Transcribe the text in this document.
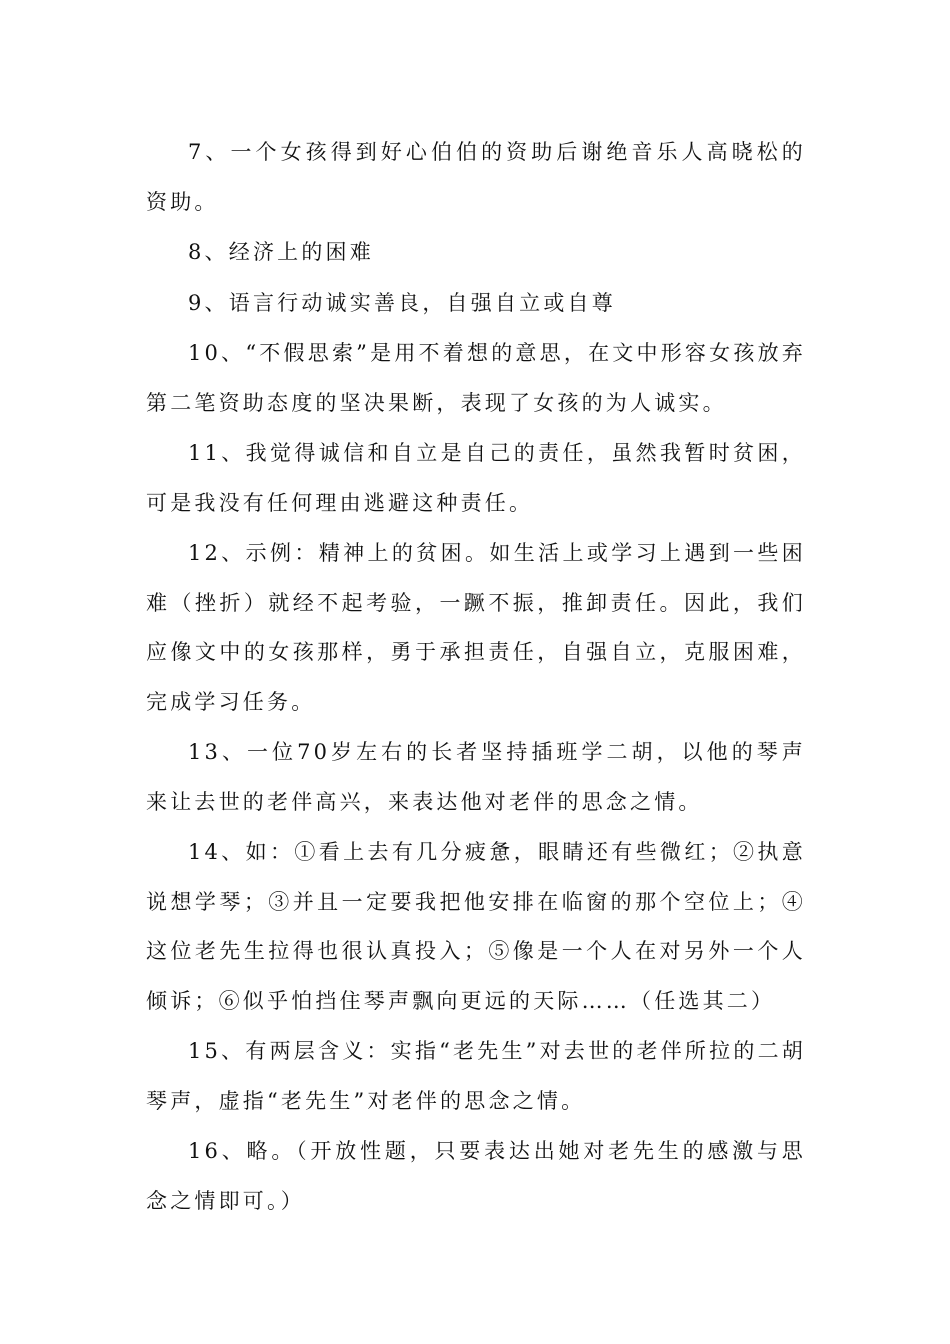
7、一个女孩得到好心伯伯的资助后谢绝音乐人高晓松的资助。

8、经济上的困难

9、语言行动诚实善良，自强自立或自尊

10、“不假思索”是用不着想的意思，在文中形容女孩放弃第二笔资助态度的坚决果断，表现了女孩的为人诚实。

11、我觉得诚信和自立是自己的责任，虽然我暂时贫困，可是我没有任何理由逃避这种责任。

12、示例：精神上的贫困。如生活上或学习上遇到一些困难（挫折）就经不起考验，一蹶不振，推卸责任。因此，我们应像文中的女孩那样，勇于承担责任，自强自立，克服困难，完成学习任务。

13、一位70岁左右的长者坚持插班学二胡，以他的琴声来让去世的老伴高兴，来表达他对老伴的思念之情。

14、如：①看上去有几分疲惫，眼睛还有些微红；②执意说想学琴；③并且一定要我把他安排在临窗的那个空位上；④这位老先生拉得也很认真投入；⑤像是一个人在对另外一个人倾诉；⑥似乎怕挡住琴声飘向更远的天际……（任选其二）

15、有两层含义：实指“老先生”对去世的老伴所拉的二胡琴声，虚指“老先生”对老伴的思念之情。

16、略。（开放性题，只要表达出她对老先生的感激与思念之情即可。）
